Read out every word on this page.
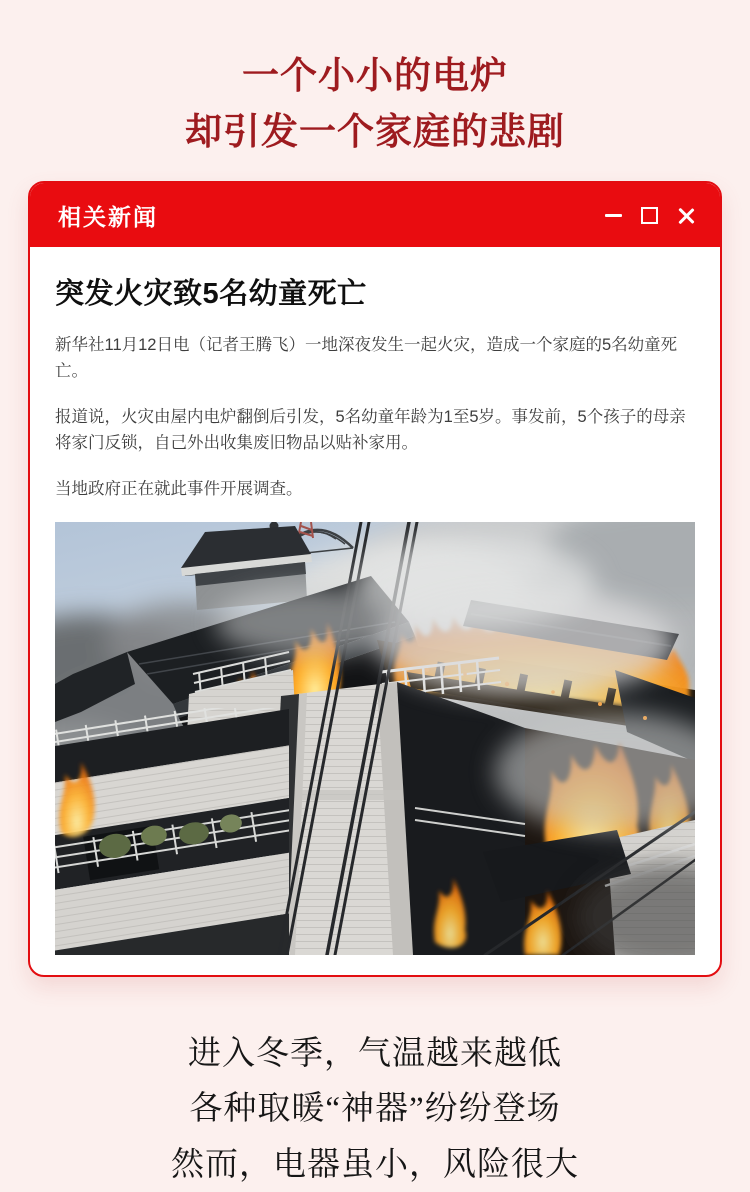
一个小小的电炉
却引发一个家庭的悲剧
相关新闻
突发火灾致5名幼童死亡

新华社11月12日电（记者王腾飞）一地深夜发生一起火灾，造成一个家庭的5名幼童死亡。

报道说，火灾由屋内电炉翻倒后引发，5名幼童年龄为1至5岁。事发前，5个孩子的母亲将家门反锁，自己外出收集废旧物品以贴补家用。

当地政府正在就此事件开展调查。

进入冬季，气温越来越低
各种取暖“神器”纷纷登场
然而，电器虽小，风险很大
